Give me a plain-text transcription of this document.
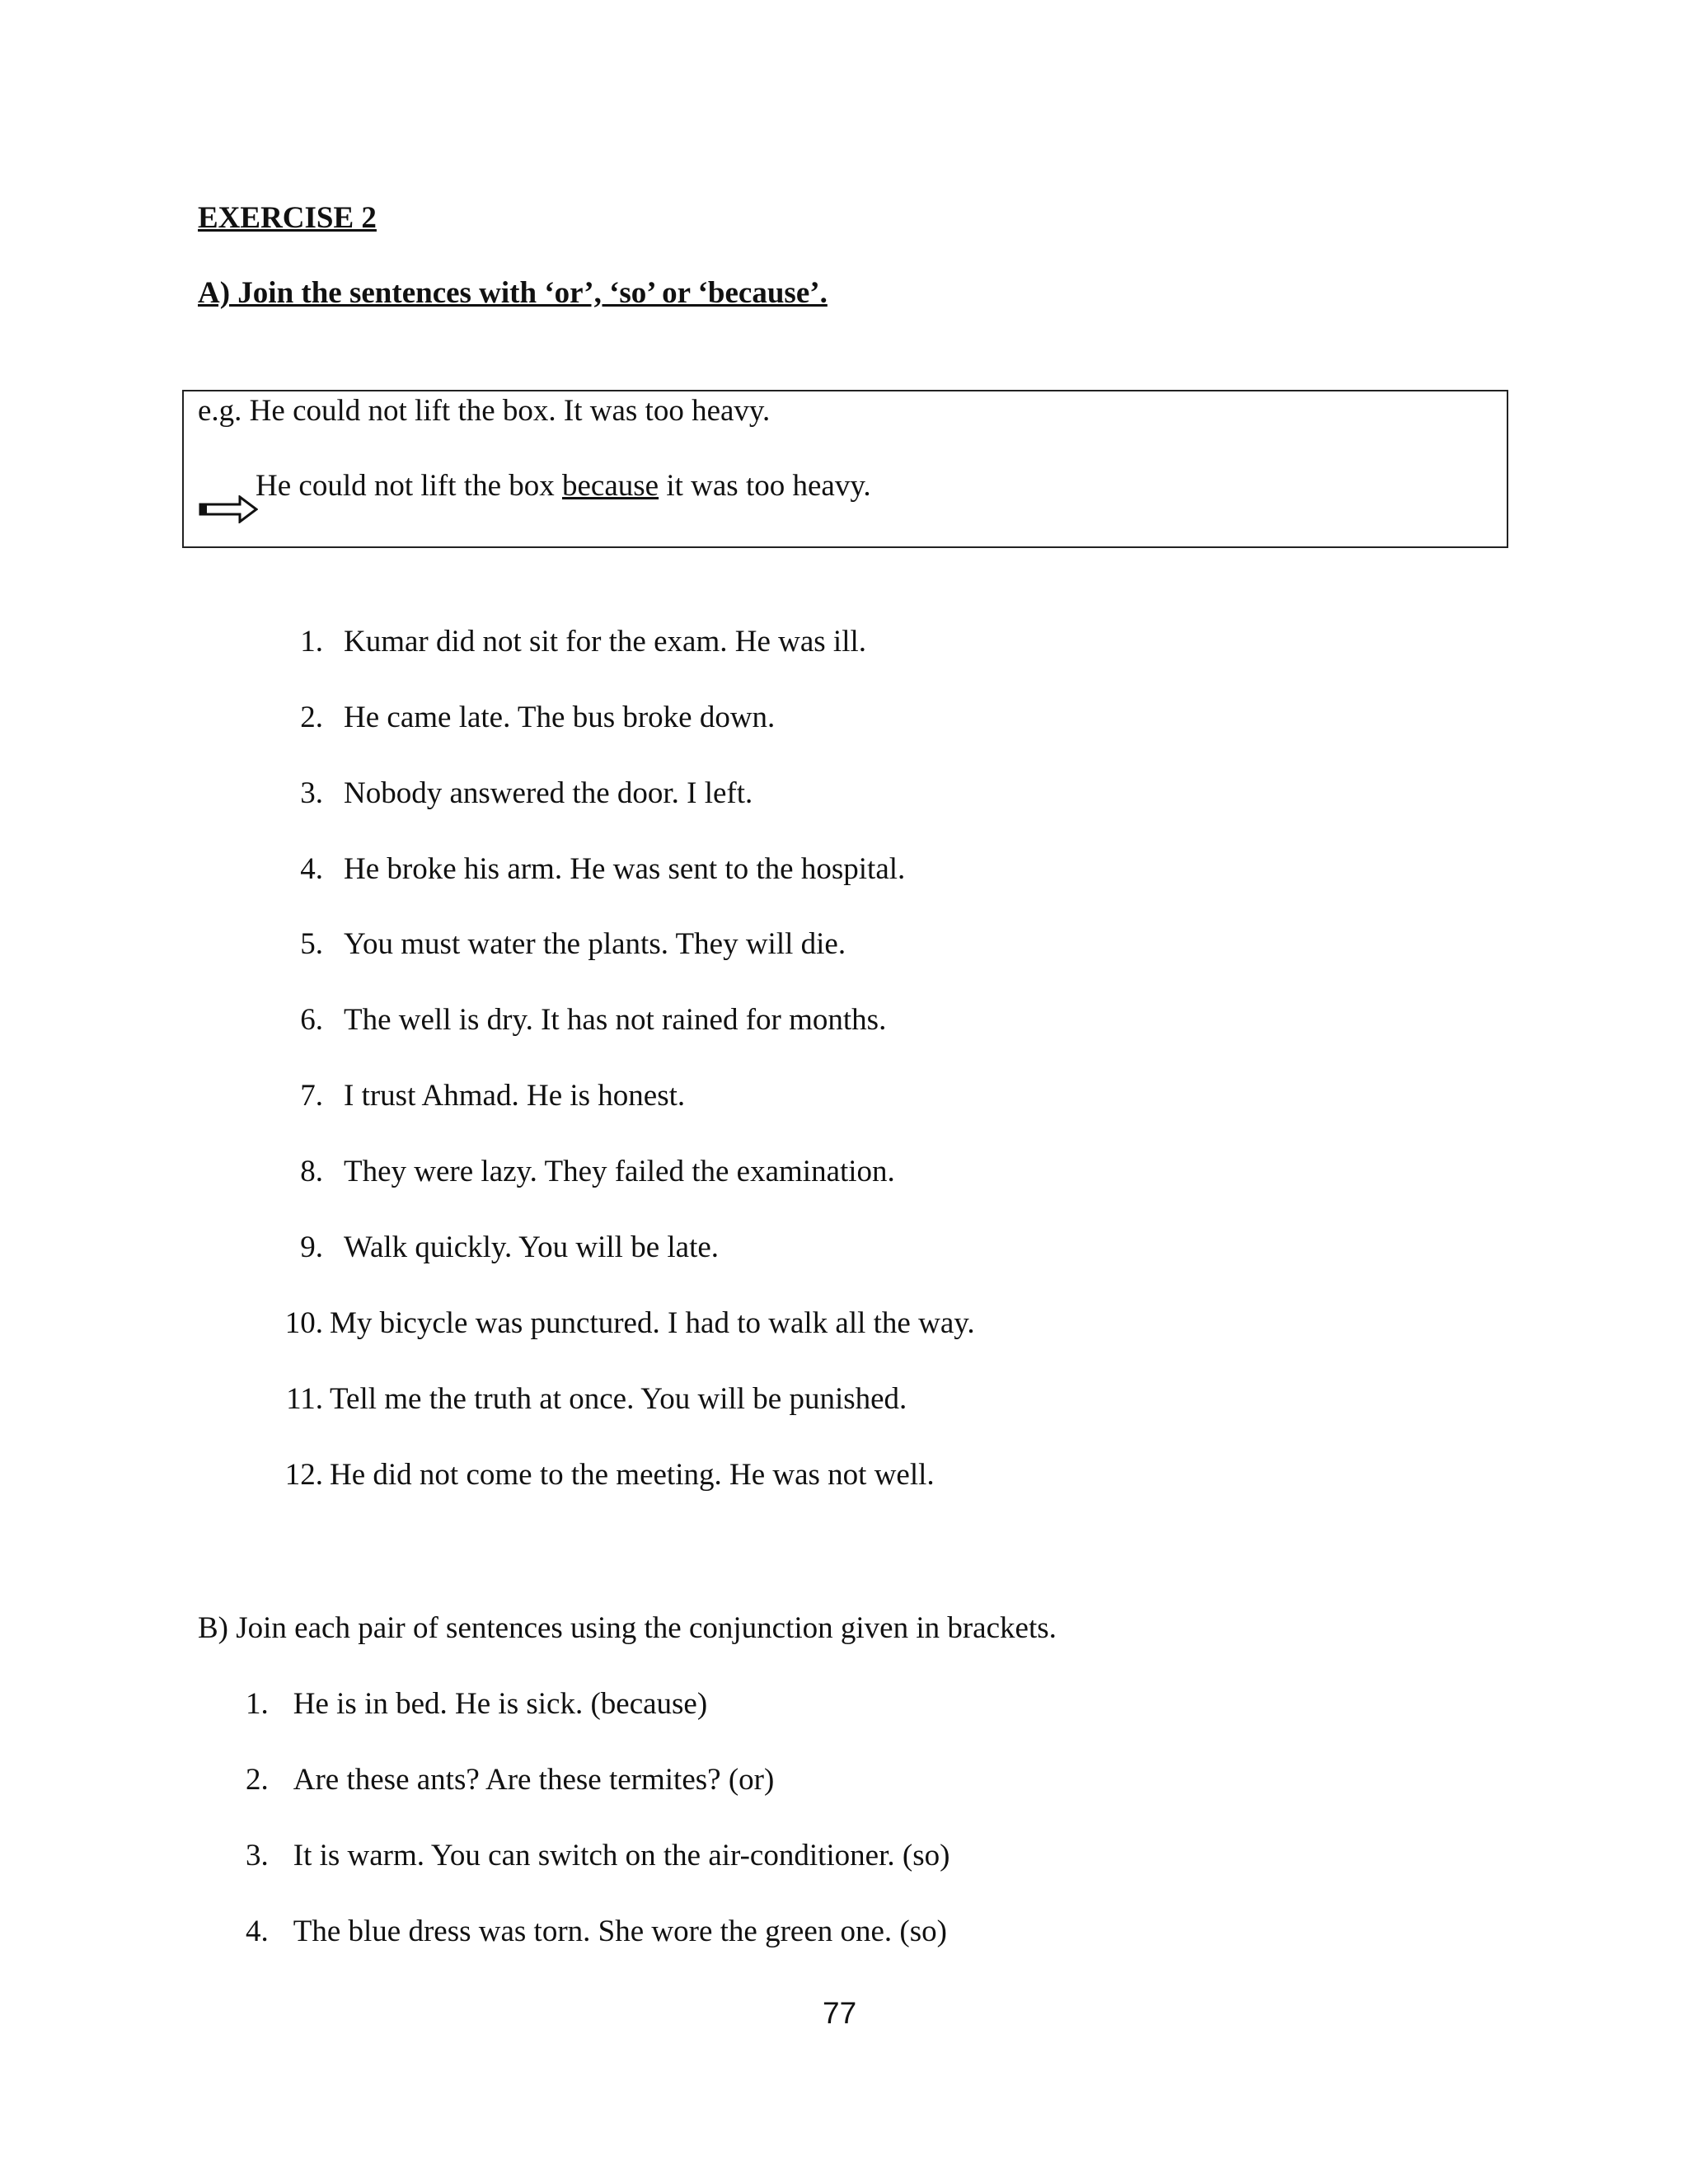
EXERCISE 2
A) Join the sentences with ‘or’, ‘so’ or ‘because’.
e.g. He could not lift the box. It was too heavy.
He could not lift the box because it was too heavy.
1. Kumar did not sit for the exam. He was ill.
2. He came late. The bus broke down.
3. Nobody answered the door. I left.
4. He broke his arm. He was sent to the hospital.
5. You must water the plants. They will die.
6. The well is dry. It has not rained for months.
7. I trust Ahmad. He is honest.
8. They were lazy. They failed the examination.
9. Walk quickly. You will be late.
10. My bicycle was punctured. I had to walk all the way.
11. Tell me the truth at once. You will be punished.
12. He did not come to the meeting. He was not well.
B) Join each pair of sentences using the conjunction given in brackets.
1. He is in bed. He is sick. (because)
2. Are these ants? Are these termites? (or)
3. It is warm. You can switch on the air-conditioner. (so)
4. The blue dress was torn. She wore the green one. (so)
77
